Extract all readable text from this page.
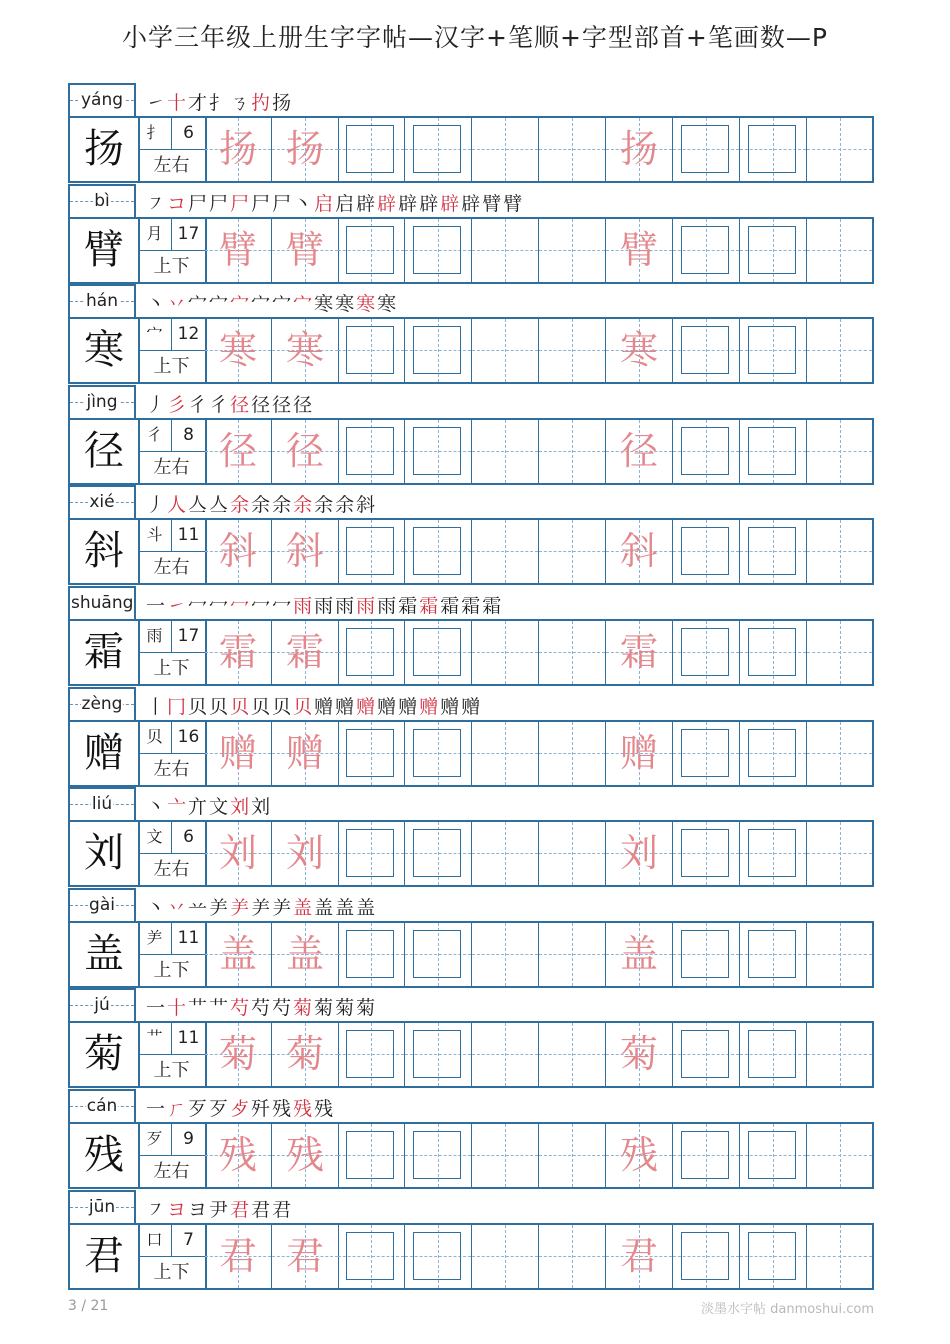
小学三年级上册生字字帖—汉字+笔顺+字型部首+笔画数—P
yáng	㇀十才扌ㄋ扚扬
扬	扌	6
左右 扬 扬	扬
bì	㇇コ尸尸尸尸尸丶启启辟辟辟辟辟辟臂臂
臂	月 17
上下 臂 臂	臂
hán	丶丷宀宀宀宀宀宀寒寒寒寒
寒	宀 12
上下 寒 寒	寒
jìng	丿彡彳彳径径径径
径	彳	8
左右 径 径	径
xié	丿人亼亼余余余余余余斜
斜	斗 11
左右 斜 斜	斜
shuāng 一㇀冖冖冖冖冖雨雨雨雨雨霜霜霜霜霜
霜	雨 17
上下 霜 霜	霜
zèng	丨冂贝贝贝贝贝贝赠赠赠赠赠赠赠赠
赠	贝 16
左右 赠 赠	赠
liú	丶亠亣文刘刘
刘	文	6
左右 刘 刘	刘
gài	丶丷䒑⺶⺶⺶⺶盖盖盖盖
盖	⺶ 11
上下 盖 盖	盖
jú	一十艹艹芍芍芍菊菊菊菊
菊	艹 11
上下 菊 菊	菊
cán	一ㄏ歹歹歺歼残残残
残	歹	9
左右 残 残	残
jūn	㇇ヨヨ尹君君君
君	口	7
上下 君 君	君
3 / 21	淡墨水字帖 danmoshui.com
